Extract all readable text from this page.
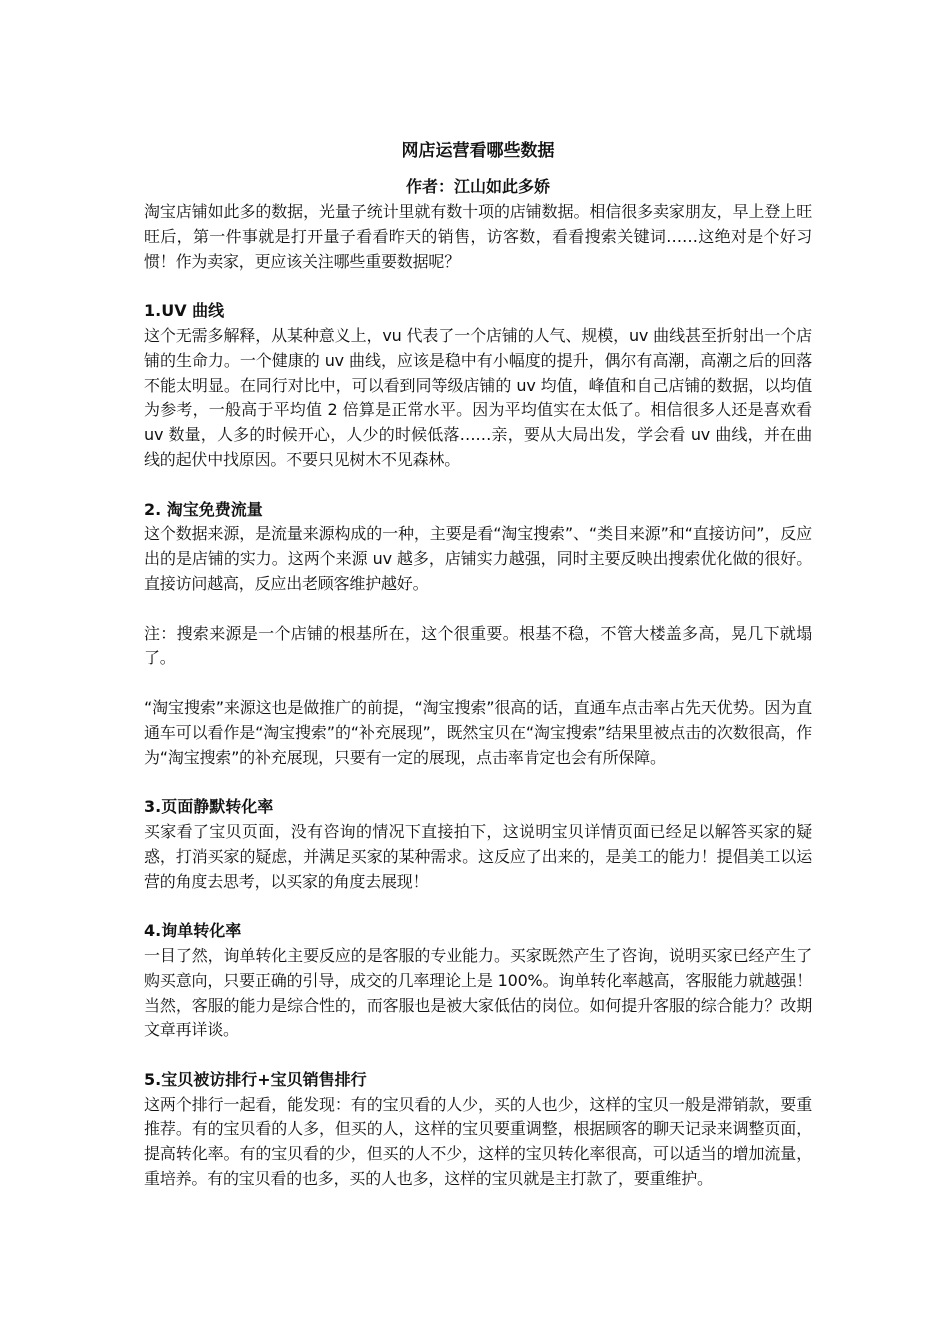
网店运营看哪些数据
作者：江山如此多娇

淘宝店铺如此多的数据，光量子统计里就有数十项的店铺数据。相信很多卖家朋友，早上登上旺旺后，第一件事就是打开量子看看昨天的销售，访客数，看看搜索关键词……这绝对是个好习惯！作为卖家，更应该关注哪些重要数据呢？

1.UV 曲线

这个无需多解释，从某种意义上，vu 代表了一个店铺的人气、规模，uv 曲线甚至折射出一个店铺的生命力。一个健康的 uv 曲线，应该是稳中有小幅度的提升，偶尔有高潮，高潮之后的回落不能太明显。在同行对比中，可以看到同等级店铺的 uv 均值，峰值和自己店铺的数据，以均值为参考，一般高于平均值 2 倍算是正常水平。因为平均值实在太低了。相信很多人还是喜欢看 uv 数量，人多的时候开心，人少的时候低落……亲，要从大局出发，学会看 uv 曲线，并在曲线的起伏中找原因。不要只见树木不见森林。

2. 淘宝免费流量

这个数据来源，是流量来源构成的一种，主要是看“淘宝搜索”、“类目来源”和“直接访问”，反应出的是店铺的实力。这两个来源 uv 越多，店铺实力越强，同时主要反映出搜索优化做的很好。直接访问越高，反应出老顾客维护越好。

注：搜索来源是一个店铺的根基所在，这个很重要。根基不稳，不管大楼盖多高，晃几下就塌了。

“淘宝搜索”来源这也是做推广的前提，“淘宝搜索”很高的话，直通车点击率占先天优势。因为直通车可以看作是“淘宝搜索”的“补充展现”，既然宝贝在“淘宝搜索”结果里被点击的次数很高，作为“淘宝搜索”的补充展现，只要有一定的展现，点击率肯定也会有所保障。

3.页面静默转化率

买家看了宝贝页面，没有咨询的情况下直接拍下，这说明宝贝详情页面已经足以解答买家的疑惑，打消买家的疑虑，并满足买家的某种需求。这反应了出来的，是美工的能力！提倡美工以运营的角度去思考，以买家的角度去展现！

4.询单转化率

一目了然，询单转化主要反应的是客服的专业能力。买家既然产生了咨询，说明买家已经产生了购买意向，只要正确的引导，成交的几率理论上是 100%。询单转化率越高，客服能力就越强！当然，客服的能力是综合性的，而客服也是被大家低估的岗位。如何提升客服的综合能力？改期文章再详谈。

5.宝贝被访排行+宝贝销售排行

这两个排行一起看，能发现：有的宝贝看的人少，买的人也少，这样的宝贝一般是滞销款，要重推荐。有的宝贝看的人多，但买的人，这样的宝贝要重调整，根据顾客的聊天记录来调整页面，提高转化率。有的宝贝看的少，但买的人不少，这样的宝贝转化率很高，可以适当的增加流量，重培养。有的宝贝看的也多，买的人也多，这样的宝贝就是主打款了，要重维护。
